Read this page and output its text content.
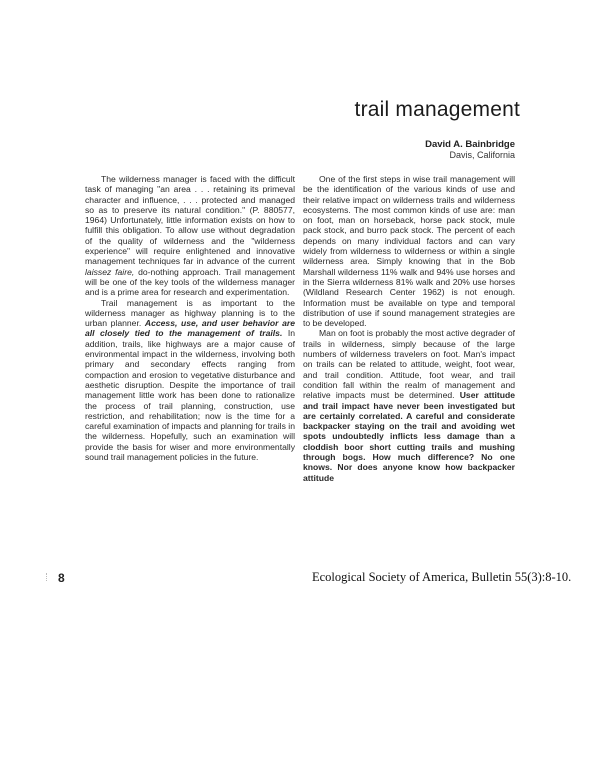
trail management
David A. Bainbridge
Davis, California

The wilderness manager is faced with the difficult task of managing "an area . . . retaining its primeval character and influence, . . . protected and managed so as to preserve its natural condition." (P. 880577, 1964) Unfortunately, little information exists on how to fulfill this obligation. To allow use without degradation of the quality of wilderness and the "wilderness experience" will require enlightened and innovative management techniques far in advance of the current laissez faire, do-nothing approach. Trail management will be one of the key tools of the wilderness manager and is a prime area for research and experimentation.

Trail management is as important to the wilderness manager as highway planning is to the urban planner. Access, use, and user behavior are all closely tied to the management of trails. In addition, trails, like highways are a major cause of environmental impact in the wilderness, involving both primary and secondary effects ranging from compaction and erosion to vegetative disturbance and aesthetic disruption. Despite the importance of trail management little work has been done to rationalize the process of trail planning, construction, use restriction, and rehabilitation; now is the time for a careful examination of impacts and planning for trails in the wilderness. Hopefully, such an examination will provide the basis for wiser and more environmentally sound trail management policies in the future.

One of the first steps in wise trail management will be the identification of the various kinds of use and their relative impact on wilderness trails and wilderness ecosystems. The most common kinds of use are: man on foot, man on horseback, horse pack stock, mule pack stock, and burro pack stock. The percent of each depends on many individual factors and can vary widely from wilderness to wilderness or within a single wilderness area. Simply knowing that in the Bob Marshall wilderness 11% walk and 94% use horses and in the Sierra wilderness 81% walk and 20% use horses (Wildland Research Center 1962) is not enough. Information must be available on type and temporal distribution of use if sound management strategies are to be developed.

Man on foot is probably the most active degrader of trails in wilderness, simply because of the large numbers of wilderness travelers on foot. Man's impact on trails can be related to attitude, weight, foot wear, and trail condition. Attitude, foot wear, and trail condition fall within the realm of management and relative impacts must be determined. User attitude and trail impact have never been investigated but are certainly correlated. A careful and considerate backpacker staying on the trail and avoiding wet spots undoubtedly inflicts less damage than a cloddish boor short cutting trails and mushing through bogs. How much difference? No one knows. Nor does anyone know how backpacker attitude

8	Ecological Society of America, Bulletin 55(3):8-10.
